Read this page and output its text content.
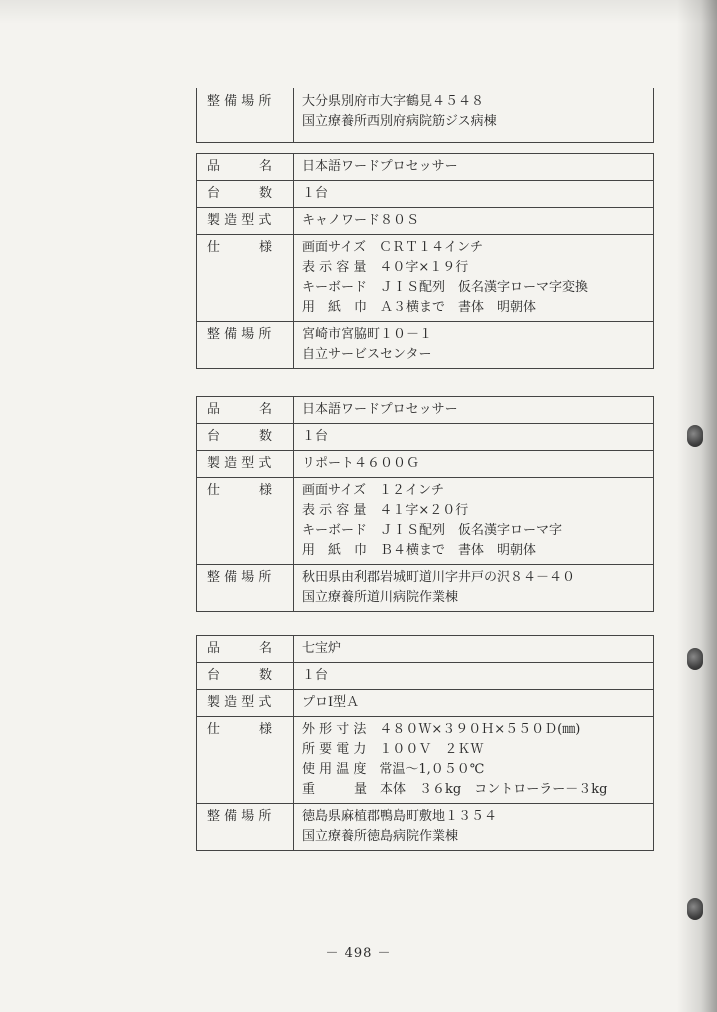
整 備 場 所	大分県別府市大字鶴見４５４８
国立療養所西別府病院筋ジス病棟
品　　　名	日本語ワードプロセッサー
台　　　数	１台
製 造 型 式	キャノワード８０Ｓ
仕　　　様	画面サイズ　ＣＲＴ１４インチ
表 示 容 量　４０字×１９行
キーボード　ＪＩＳ配列　仮名漢字ローマ字変換
用　紙　巾　Ａ３横まで　書体　明朝体

整 備 場 所	宮崎市宮脇町１０－１
自立サービスセンター
品　　　名	日本語ワードプロセッサー
台　　　数	１台
製 造 型 式	リポート４６００Ｇ
仕　　　様	画面サイズ　１２インチ
表 示 容 量　４１字×２０行
キーボード　ＪＩＳ配列　仮名漢字ローマ字
用　紙　巾　Ｂ４横まで　書体　明朝体

整 備 場 所	秋田県由利郡岩城町道川字井戸の沢８４－４０
国立療養所道川病院作業棟
品　　　名	七宝炉
台　　　数	１台
製 造 型 式	プロⅠ型Ａ
仕　　　様	外 形 寸 法　４８０Ｗ×３９０Ｈ×５５０Ｄ(㎜)
所 要 電 力　１００Ｖ　２ＫＷ
使 用 温 度　常温～1,０５０℃
重　　　量　本体　３６kg　コントローラー－３kg

整 備 場 所	徳島県麻植郡鴨島町敷地１３５４
国立療養所徳島病院作業棟
－ 498 －
